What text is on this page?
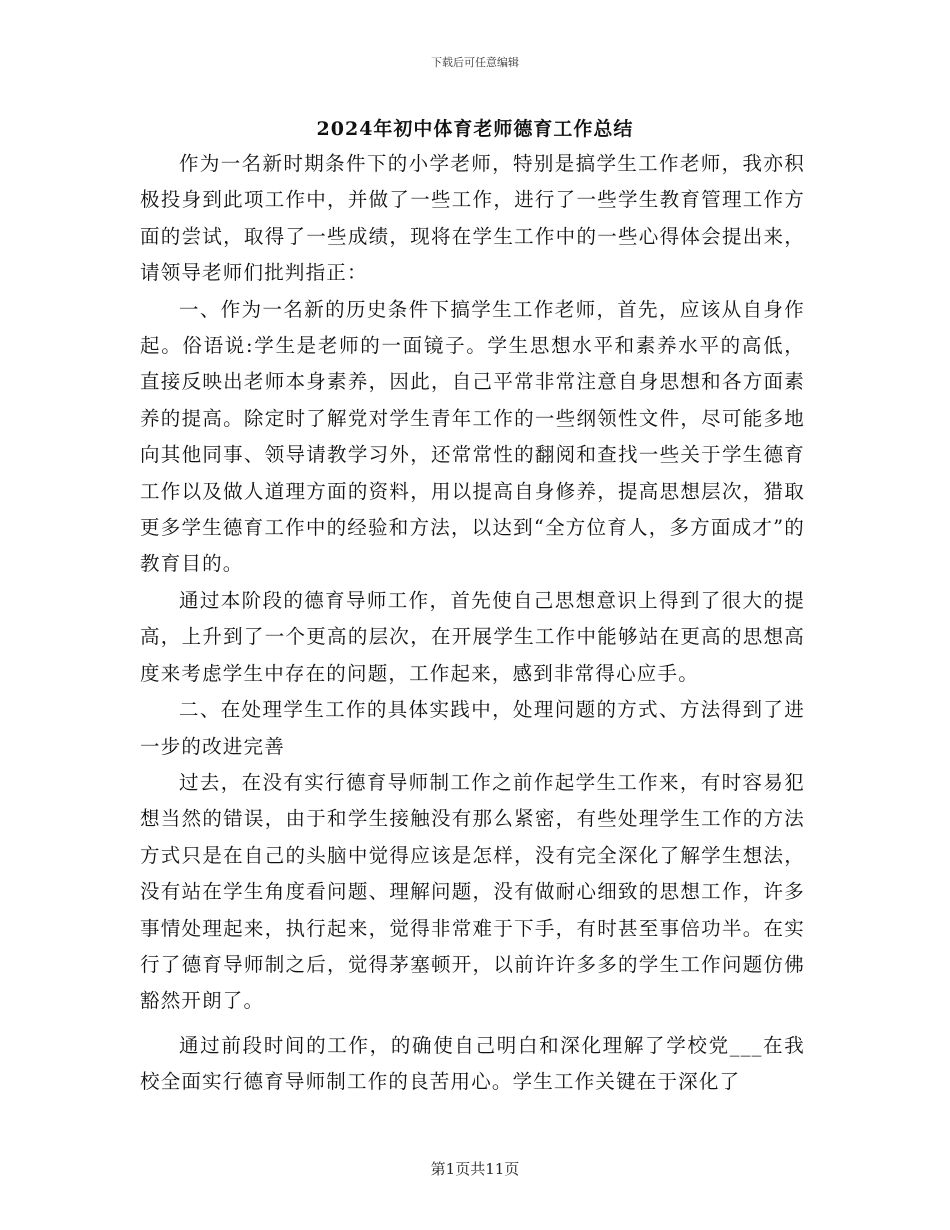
下载后可任意编辑
2024年初中体育老师德育工作总结

作为一名新时期条件下的小学老师，特别是搞学生工作老师，我亦积极投身到此项工作中，并做了一些工作，进行了一些学生教育管理工作方面的尝试，取得了一些成绩，现将在学生工作中的一些心得体会提出来，请领导老师们批判指正：

一、作为一名新的历史条件下搞学生工作老师，首先，应该从自身作起。俗语说:学生是老师的一面镜子。学生思想水平和素养水平的高低，直接反映出老师本身素养，因此，自己平常非常注意自身思想和各方面素养的提高。除定时了解党对学生青年工作的一些纲领性文件，尽可能多地向其他同事、领导请教学习外，还常常性的翻阅和查找一些关于学生德育工作以及做人道理方面的资料，用以提高自身修养，提高思想层次，猎取更多学生德育工作中的经验和方法，以达到“全方位育人，多方面成才”的教育目的。

通过本阶段的德育导师工作，首先使自己思想意识上得到了很大的提高，上升到了一个更高的层次，在开展学生工作中能够站在更高的思想高度来考虑学生中存在的问题，工作起来，感到非常得心应手。

二、在处理学生工作的具体实践中，处理问题的方式、方法得到了进一步的改进完善

过去，在没有实行德育导师制工作之前作起学生工作来，有时容易犯想当然的错误，由于和学生接触没有那么紧密，有些处理学生工作的方法方式只是在自己的头脑中觉得应该是怎样，没有完全深化了解学生想法，没有站在学生角度看问题、理解问题，没有做耐心细致的思想工作，许多事情处理起来，执行起来，觉得非常难于下手，有时甚至事倍功半。在实行了德育导师制之后，觉得茅塞顿开，以前许许多多的学生工作问题仿佛豁然开朗了。

通过前段时间的工作，的确使自己明白和深化理解了学校党___在我校全面实行德育导师制工作的良苦用心。学生工作关键在于深化了

第1页共11页
